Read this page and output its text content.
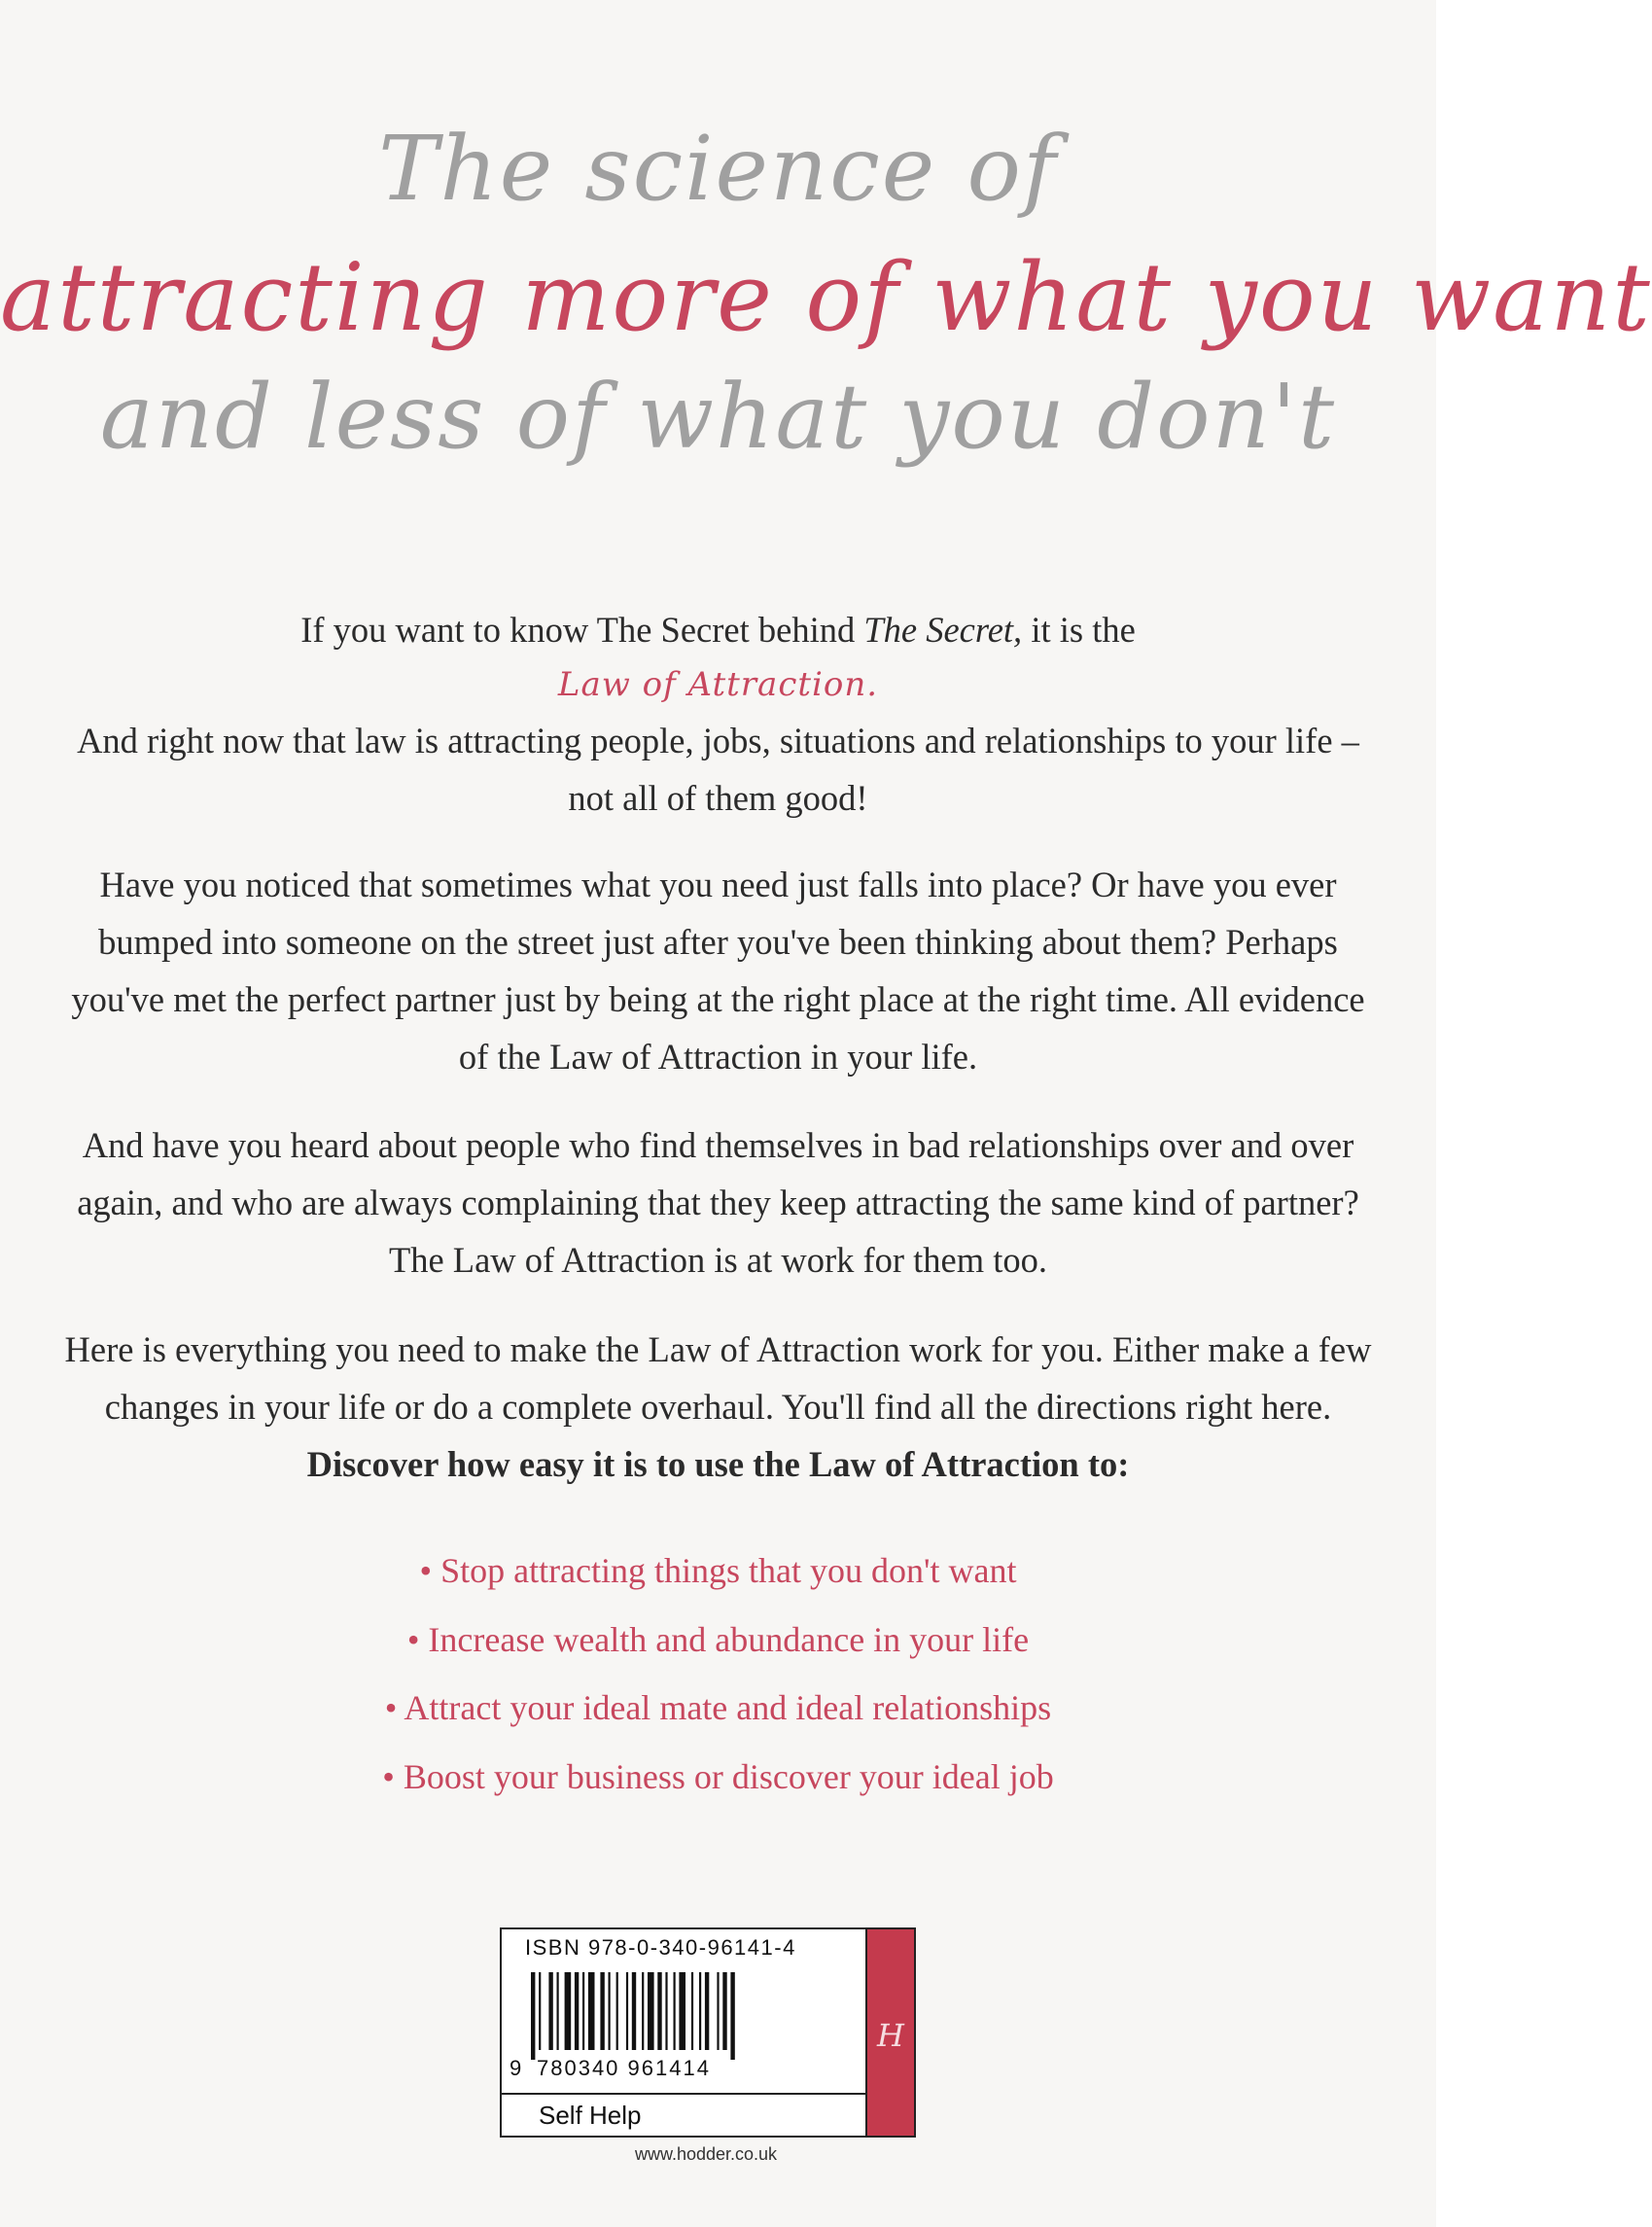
The science of
attracting more of what you want
and less of what you don't
If you want to know The Secret behind The Secret, it is the
Law of Attraction.
And right now that law is attracting people, jobs, situations and relationships to your life – not all of them good!
Have you noticed that sometimes what you need just falls into place? Or have you ever bumped into someone on the street just after you've been thinking about them? Perhaps you've met the perfect partner just by being at the right place at the right time. All evidence of the Law of Attraction in your life.
And have you heard about people who find themselves in bad relationships over and over again, and who are always complaining that they keep attracting the same kind of partner? The Law of Attraction is at work for them too.
Here is everything you need to make the Law of Attraction work for you. Either make a few changes in your life or do a complete overhaul. You'll find all the directions right here. Discover how easy it is to use the Law of Attraction to:
• Stop attracting things that you don't want
• Increase wealth and abundance in your life
• Attract your ideal mate and ideal relationships
• Boost your business or discover your ideal job
ISBN 978-0-340-96141-4
9 780340 961414
Self Help
H
www.hodder.co.uk
